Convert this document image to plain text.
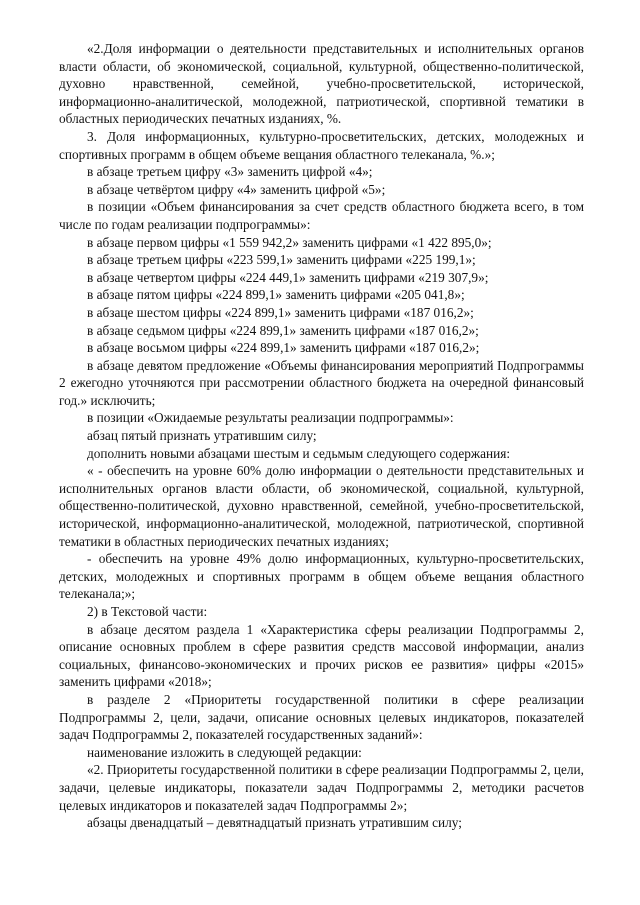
«2.Доля информации о деятельности представительных и исполнительных органов власти области, об экономической, социальной, культурной, общественно-политической, духовно нравственной, семейной, учебно-просветительской, исторической, информационно-аналитической, молодежной, патриотической, спортивной тематики в областных периодических печатных изданиях, %.

3. Доля информационных, культурно-просветительских, детских, молодежных и спортивных программ в общем объеме вещания областного телеканала, %.»;

в абзаце третьем цифру «3» заменить цифрой «4»;

в абзаце четвёртом цифру «4» заменить цифрой «5»;

в позиции «Объем финансирования за счет средств областного бюджета всего, в том числе по годам реализации подпрограммы»:

в абзаце первом цифры «1 559 942,2» заменить цифрами «1 422 895,0»;

в абзаце третьем цифры «223 599,1» заменить цифрами «225 199,1»;

в абзаце четвертом цифры «224 449,1» заменить цифрами «219 307,9»;

в абзаце пятом цифры «224 899,1» заменить цифрами «205 041,8»;

в абзаце шестом цифры «224 899,1» заменить цифрами «187 016,2»;

в абзаце седьмом цифры «224 899,1» заменить цифрами «187 016,2»;

в абзаце восьмом цифры «224 899,1» заменить цифрами «187 016,2»;

в абзаце девятом предложение «Объемы финансирования мероприятий Подпрограммы 2 ежегодно уточняются при рассмотрении областного бюджета на очередной финансовый год.» исключить;

в позиции «Ожидаемые результаты реализации подпрограммы»:

абзац пятый признать утратившим силу;

дополнить новыми абзацами шестым и седьмым следующего содержания:

« - обеспечить на уровне 60% долю информации о деятельности представительных и исполнительных органов власти области, об экономической, социальной, культурной, общественно-политической, духовно нравственной, семейной, учебно-просветительской, исторической, информационно-аналитической, молодежной, патриотической, спортивной тематики в областных периодических печатных изданиях;

- обеспечить на уровне 49% долю информационных, культурно-просветительских, детских, молодежных и спортивных программ в общем объеме вещания областного телеканала;»;

2) в Текстовой части:

в абзаце десятом раздела 1 «Характеристика сферы реализации Подпрограммы 2, описание основных проблем в сфере развития средств массовой информации, анализ социальных, финансово-экономических и прочих рисков ее развития» цифры «2015» заменить цифрами «2018»;

в разделе 2 «Приоритеты государственной политики в сфере реализации Подпрограммы 2, цели, задачи, описание основных целевых индикаторов, показателей задач Подпрограммы 2, показателей государственных заданий»:

наименование изложить в следующей редакции:

«2. Приоритеты государственной политики в сфере реализации Подпрограммы 2, цели, задачи, целевые индикаторы, показатели задач Подпрограммы 2, методики расчетов целевых индикаторов и показателей задач Подпрограммы 2»;

абзацы двенадцатый – девятнадцатый признать утратившим силу;
